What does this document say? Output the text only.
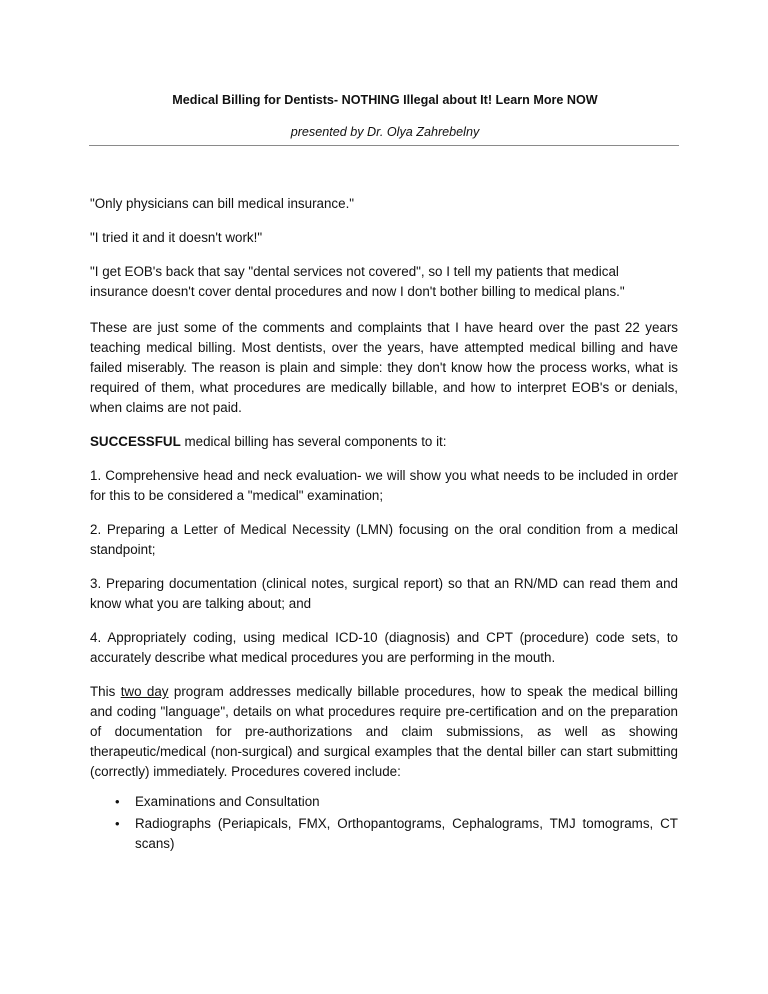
Medical Billing for Dentists- NOTHING Illegal about It! Learn More NOW
presented by Dr. Olya Zahrebelny

"Only physicians can bill medical insurance."

"I tried it and it doesn't work!"

"I get EOB's back that say "dental services not covered", so I tell my patients that medical insurance doesn't cover dental procedures and now I don't bother billing to medical plans."

These are just some of the comments and complaints that I have heard over the past 22 years teaching medical billing. Most dentists, over the years, have attempted medical billing and have failed miserably. The reason is plain and simple: they don't know how the process works, what is required of them, what procedures are medically billable, and how to interpret EOB's or denials, when claims are not paid.

SUCCESSFUL medical billing has several components to it:

1. Comprehensive head and neck evaluation- we will show you what needs to be included in order for this to be considered a "medical" examination;

2. Preparing a Letter of Medical Necessity (LMN) focusing on the oral condition from a medical standpoint;

3. Preparing documentation (clinical notes, surgical report) so that an RN/MD can read them and know what you are talking about; and

4. Appropriately coding, using medical ICD-10 (diagnosis) and CPT (procedure) code sets, to accurately describe what medical procedures you are performing in the mouth.

This two day program addresses medically billable procedures, how to speak the medical billing and coding "language", details on what procedures require pre-certification and on the preparation of documentation for pre-authorizations and claim submissions, as well as showing therapeutic/medical (non-surgical) and surgical examples that the dental biller can start submitting (correctly) immediately. Procedures covered include:

• Examinations and Consultation
• Radiographs (Periapicals, FMX, Orthopantograms, Cephalograms, TMJ tomograms, CT scans)
